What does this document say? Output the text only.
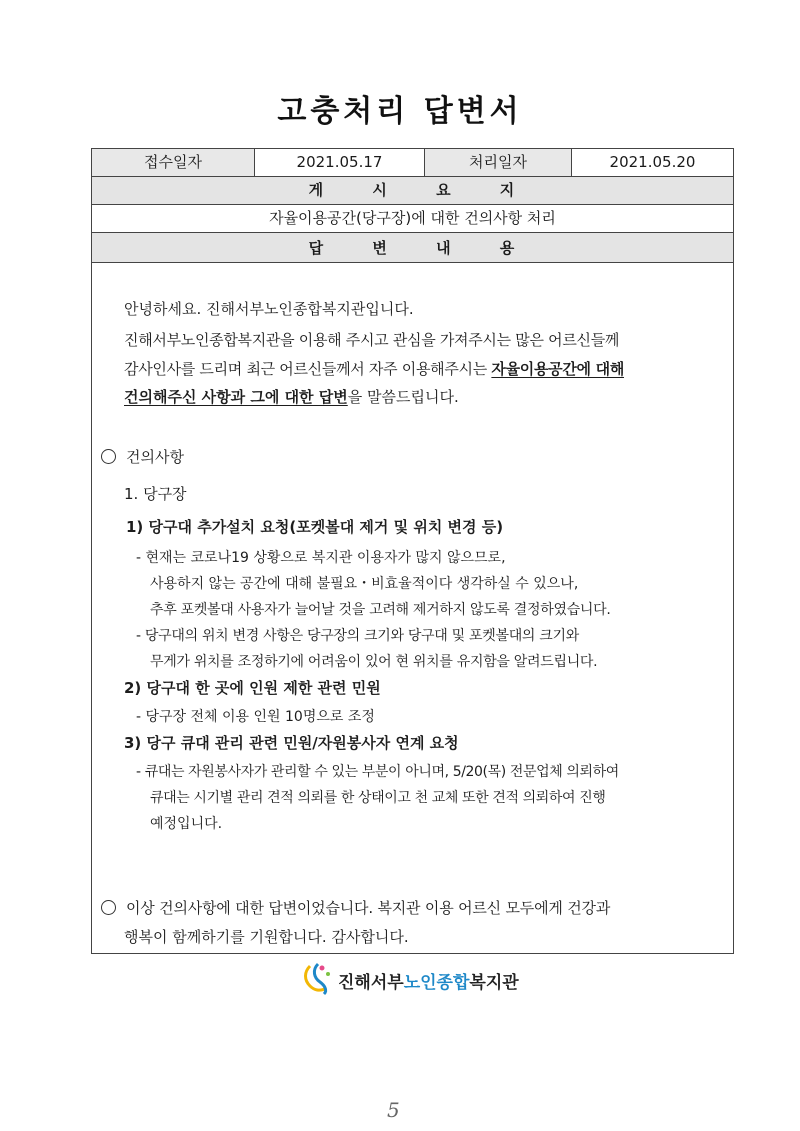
고충처리 답변서
접수일자	2021.05.17	처리일자	2021.05.20
게 시 요 지
자율이용공간(당구장)에 대한 건의사항 처리
답 변 내 용
안녕하세요. 진해서부노인종합복지관입니다.
진해서부노인종합복지관을 이용해 주시고 관심을 가져주시는 많은 어르신들께
감사인사를 드리며 최근 어르신들께서 자주 이용해주시는 자율이용공간에 대해
건의해주신 사항과 그에 대한 답변을 말씀드립니다.
건의사항
1. 당구장
1) 당구대 추가설치 요청(포켓볼대 제거 및 위치 변경 등)
- 현재는 코로나19 상황으로 복지관 이용자가 많지 않으므로,
사용하지 않는 공간에 대해 불필요・비효율적이다 생각하실 수 있으나,
추후 포켓볼대 사용자가 늘어날 것을 고려해 제거하지 않도록 결정하였습니다.
- 당구대의 위치 변경 사항은 당구장의 크기와 당구대 및 포켓볼대의 크기와
무게가 위치를 조정하기에 어려움이 있어 현 위치를 유지함을 알려드립니다.
2) 당구대 한 곳에 인원 제한 관련 민원
- 당구장 전체 이용 인원 10명으로 조정
3) 당구 큐대 관리 관련 민원/자원봉사자 연계 요청
- 큐대는 자원봉사자가 관리할 수 있는 부분이 아니며, 5/20(목) 전문업체 의뢰하여
큐대는 시기별 관리 견적 의뢰를 한 상태이고 천 교체 또한 견적 의뢰하여 진행
예정입니다.
이상 건의사항에 대한 답변이었습니다. 복지관 이용 어르신 모두에게 건강과
행복이 함께하기를 기원합니다. 감사합니다.
진해서부노인종합복지관
5
